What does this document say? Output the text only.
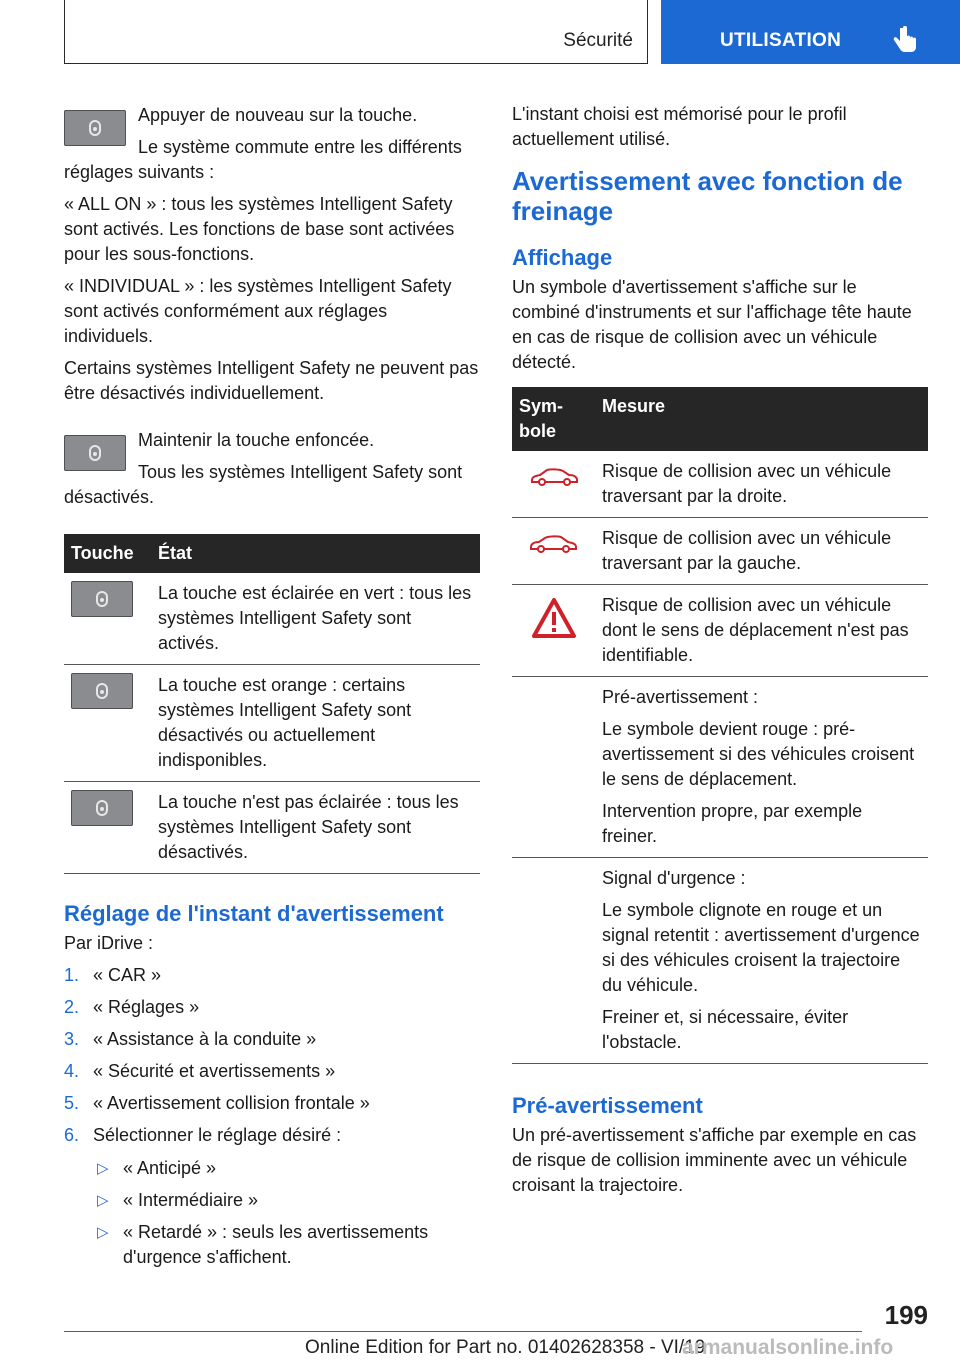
Sécurité	UTILISATION

Appuyer de nouveau sur la touche.

Le système commute entre les différents réglages suivants :

« ALL ON » : tous les systèmes Intelligent Safety sont activés. Les fonctions de base sont activées pour les sous-fonctions.

« INDIVIDUAL » : les systèmes Intelligent Safety sont activés conformément aux réglages individuels.

Certains systèmes Intelligent Safety ne peuvent pas être désactivés individuellement.

Maintenir la touche enfoncée.

Tous les systèmes Intelligent Safety sont désactivés.

Touche	État

	La touche est éclairée en vert : tous les systèmes Intelligent Safety sont activés.

	La touche est orange : certains systèmes Intelligent Safety sont désactivés ou actuellement indisponibles.

	La touche n'est pas éclairée : tous les systèmes Intelligent Safety sont désactivés.
Réglage de l'instant d'avertissement

Par iDrive :

1. « CAR »
2. « Réglages »
3. « Assistance à la conduite »
4. « Sécurité et avertissements »
5. « Avertissement collision frontale »
6. Sélectionner le réglage désiré :
▷ « Anticipé »
▷ « Intermédiaire »
▷ « Retardé » : seuls les avertissements d'urgence s'affichent.

L'instant choisi est mémorisé pour le profil actuellement utilisé.

Avertissement avec fonction de freinage
Affichage

Un symbole d'avertissement s'affiche sur le combiné d'instruments et sur l'affichage tête haute en cas de risque de collision avec un véhicule détecté.

Sym-bole	Mesure
	Risque de collision avec un véhicule traversant par la droite.
	Risque de collision avec un véhicule traversant par la gauche.
	Risque de collision avec un véhicule dont le sens de déplacement n'est pas identifiable.

	Pré-avertissement :

Le symbole devient rouge : pré-avertissement si des véhicules croisent le sens de déplacement.

Intervention propre, par exemple freiner.

	Signal d'urgence :

Le symbole clignote en rouge et un signal retentit : avertissement d'urgence si des véhicules croisent la trajectoire du véhicule.

Freiner et, si nécessaire, éviter l'obstacle.

Pré-avertissement

Un pré-avertissement s'affiche par exemple en cas de risque de collision imminente avec un véhicule croisant la trajectoire.

199
Online Edition for Part no. 01402628358 - VI/19
armanualsonline.info
